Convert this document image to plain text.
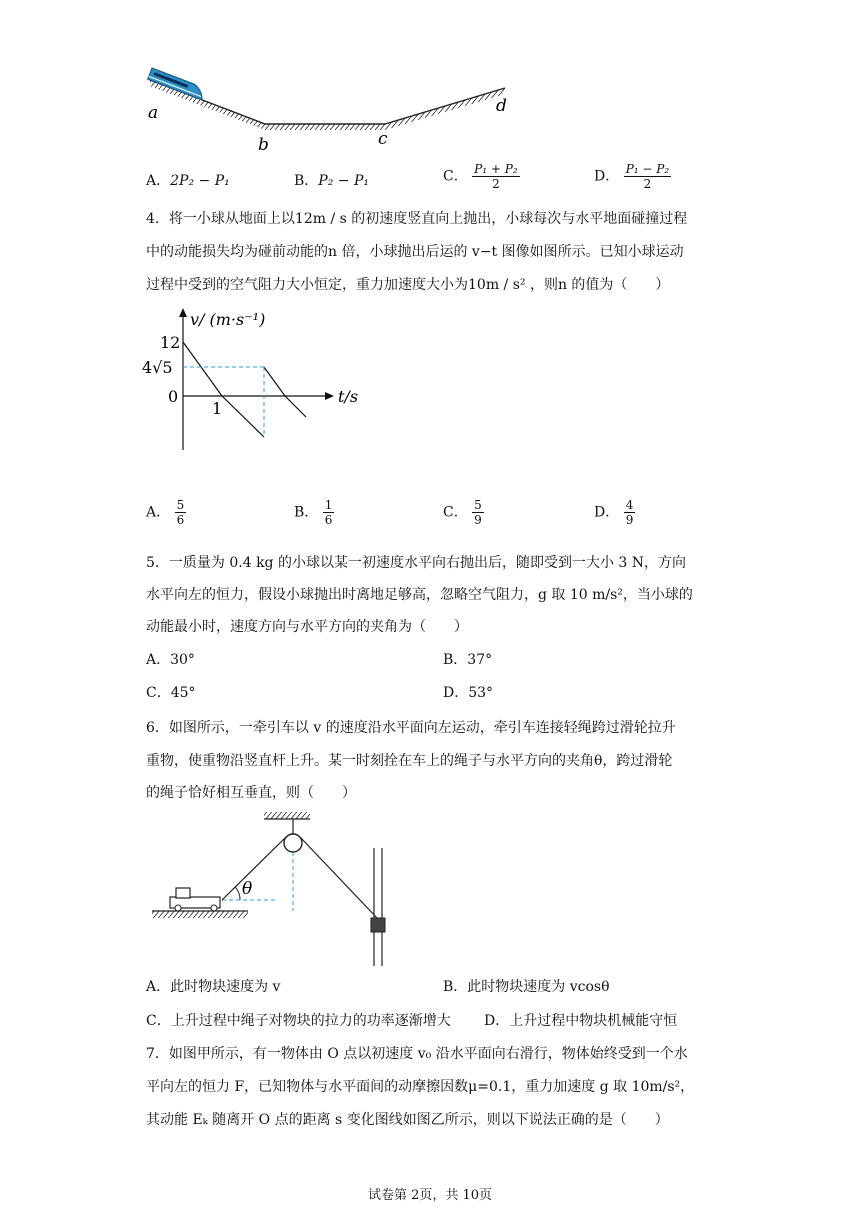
a
b	c
d
A．2P₂ − P₁	B．P₂ − P₁	C． $\frac{\text{P₁ + P₂}}{2}$	D． $\frac{\text{P₁ − P₂}}{2}$
4．将一小球从地面上以12m / s 的初速度竖直向上抛出，小球每次与水平地面碰撞过程
中的动能损失均为碰前动能的n 倍，小球抛出后运的 v−t 图像如图所示。已知小球运动
过程中受到的空气阻力大小恒定，重力加速度大小为10m / s² ，则n 的值为（　　）
v/ (m·s⁻¹)
t/s
12
4√5
0
1
A． $\frac{5}{6}$	B． $\frac{1}{6}$	C． $\frac{5}{9}$	D． $\frac{4}{9}$
5．一质量为 0.4 kg 的小球以某一初速度水平向右抛出后，随即受到一大小 3 N，方向
水平向左的恒力，假设小球抛出时离地足够高，忽略空气阻力，g 取 10 m/s²，当小球的
动能最小时，速度方向与水平方向的夹角为（　　）
A．30°	B．37°
C．45°	D．53°
6．如图所示，一牵引车以 v 的速度沿水平面向左运动，牵引车连接轻绳跨过滑轮拉升
重物，使重物沿竖直杆上升。某一时刻拴在车上的绳子与水平方向的夹角θ，跨过滑轮
的绳子恰好相互垂直，则（　　）
θ
A．此时物块速度为 v	B．此时物块速度为 vcosθ
C．上升过程中绳子对物块的拉力的功率逐渐增大 D．上升过程中物块机械能守恒
7．如图甲所示，有一物体由 O 点以初速度 v₀ 沿水平面向右滑行，物体始终受到一个水
平向左的恒力 F，已知物体与水平面间的动摩擦因数μ=0.1，重力加速度 g 取 10m/s²，
其动能 Eₖ 随离开 O 点的距离 s 变化图线如图乙所示，则以下说法正确的是（　　）
试卷第 2页，共 10页
